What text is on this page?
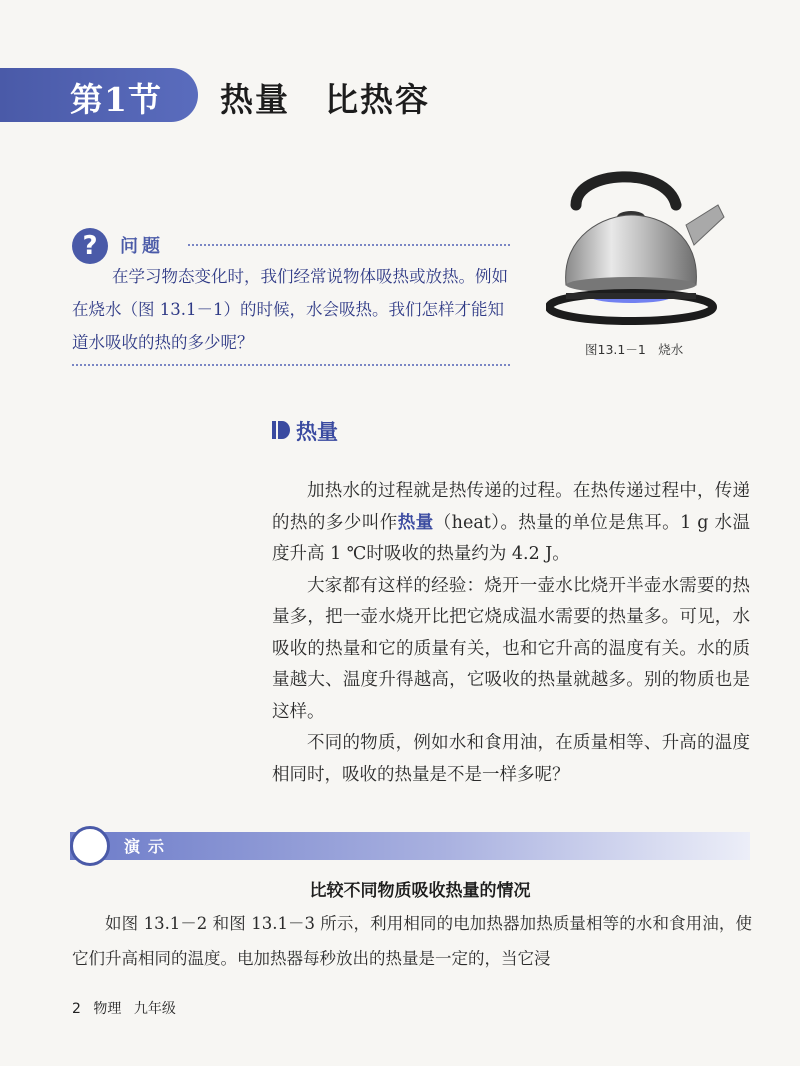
第1节 热量　比热容
?	问题
在学习物态变化时，我们经常说物体吸热或放热。例如在烧水（图 13.1－1）的时候，水会吸热。我们怎样才能知道水吸收的热的多少呢？	图13.1－1　烧水
热量

加热水的过程就是热传递的过程。在热传递过程中，传递的热的多少叫作热量（heat）。热量的单位是焦耳。1 g 水温度升高 1 ℃时吸收的热量约为 4.2 J。

大家都有这样的经验：烧开一壶水比烧开半壶水需要的热量多，把一壶水烧开比把它烧成温水需要的热量多。可见，水吸收的热量和它的质量有关，也和它升高的温度有关。水的质量越大、温度升得越高，它吸收的热量就越多。别的物质也是这样。

不同的物质，例如水和食用油，在质量相等、升高的温度相同时，吸收的热量是不是一样多呢？

演示
比较不同物质吸收热量的情况
如图 13.1－2 和图 13.1－3 所示，利用相同的电加热器加热质量相等的水和食用油，使它们升高相同的温度。电加热器每秒放出的热量是一定的，当它浸
2 物理 九年级
